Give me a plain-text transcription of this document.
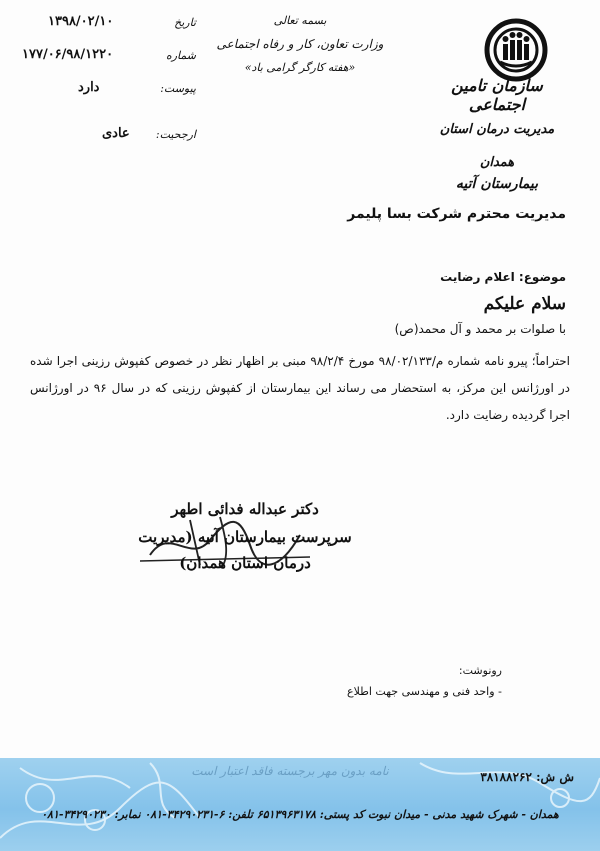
سازمان تامین اجتماعی
مدیریت درمان استان
همدان
بیمارستان آتیه
بسمه تعالی
وزارت تعاون، کار و رفاه اجتماعی
«هفته کارگر گرامی باد»
تاریخ
۱۳۹۸/۰۲/۱۰
شماره
۱۷۷/۰۶/۹۸/۱۲۲۰
پیوست:
دارد
ارجحیت:
عادی
مدیریت محترم شرکت بسا پلیمر
موضوع: اعلام رضایت
سلام علیکم
با صلوات بر محمد و آل محمد(ص)
احتراماً؛ پیرو نامه شماره م/۹۸/۰۲/۱۳۳ مورخ ۹۸/۲/۴ مبنی بر اظهار نظر در خصوص کفپوش رزینی اجرا شده در اورژانس این مرکز، به استحضار می رساند این بیمارستان از کفپوش رزینی که در سال ۹۶ در اورژانس اجرا گردیده رضایت دارد.
دکتر عبداله فدائی اطهر
سرپرست بیمارستان آتیه (مدیریت
درمان استان همدان)
رونوشت:
- واحد فنی و مهندسی جهت اطلاع
نامه بدون مهر برجسته فاقد اعتبار است	ش ش: ۳۸۱۸۸۲۶۲
همدان - شهرک شهید مدنی - میدان نبوت کد پستی: ۶۵۱۳۹۶۳۱۷۸ تلفن: ۶-۳۴۲۹۰۲۳۱-۰۸۱ نمابر: ۳۴۲۹۰۲۳۰-۰۸۱
